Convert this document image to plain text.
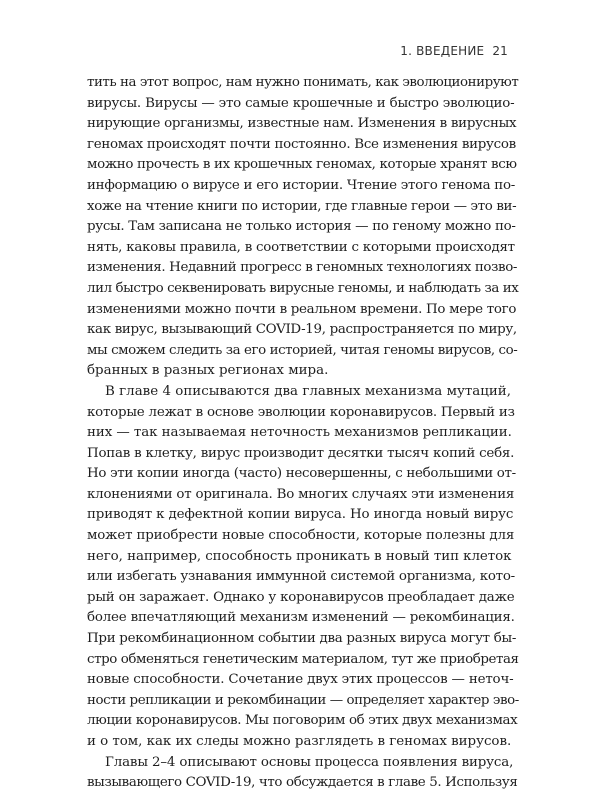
1. ВВЕДЕНИЕ 21
тить на этот вопрос, нам нужно понимать, как эволюционируют
вирусы. Вирусы — это самые крошечные и быстро эволюцио-
нирующие организмы, известные нам. Изменения в вирусных
геномах происходят почти постоянно. Все изменения вирусов
можно прочесть в их крошечных геномах, которые хранят всю
информацию о вирусе и его истории. Чтение этого генома по-
хоже на чтение книги по истории, где главные герои — это ви-
русы. Там записана не только история — по геному можно по-
нять, каковы правила, в соответствии с которыми происходят
изменения. Недавний прогресс в геномных технологиях позво-
лил быстро секвенировать вирусные геномы, и наблюдать за их
изменениями можно почти в реальном времени. По мере того
как вирус, вызывающий COVID-19, распространяется по миру,
мы сможем следить за его историей, читая геномы вирусов, со-
бранных в разных регионах мира.
В главе 4 описываются два главных механизма мутаций,
которые лежат в основе эволюции коронавирусов. Первый из
них — так называемая неточность механизмов репликации.
Попав в клетку, вирус производит десятки тысяч копий себя.
Но эти копии иногда (часто) несовершенны, с небольшими от-
клонениями от оригинала. Во многих случаях эти изменения
приводят к дефектной копии вируса. Но иногда новый вирус
может приобрести новые способности, которые полезны для
него, например, способность проникать в новый тип клеток
или избегать узнавания иммунной системой организма, кото-
рый он заражает. Однако у коронавирусов преобладает даже
более впечатляющий механизм изменений — рекомбинация.
При рекомбинационном событии два разных вируса могут бы-
стро обменяться генетическим материалом, тут же приобретая
новые способности. Сочетание двух этих процессов — неточ-
ности репликации и рекомбинации — определяет характер эво-
люции коронавирусов. Мы поговорим об этих двух механизмах
и о том, как их следы можно разглядеть в геномах вирусов.
Главы 2–4 описывают основы процесса появления вируса,
вызывающего COVID-19, что обсуждается в главе 5. Используя
